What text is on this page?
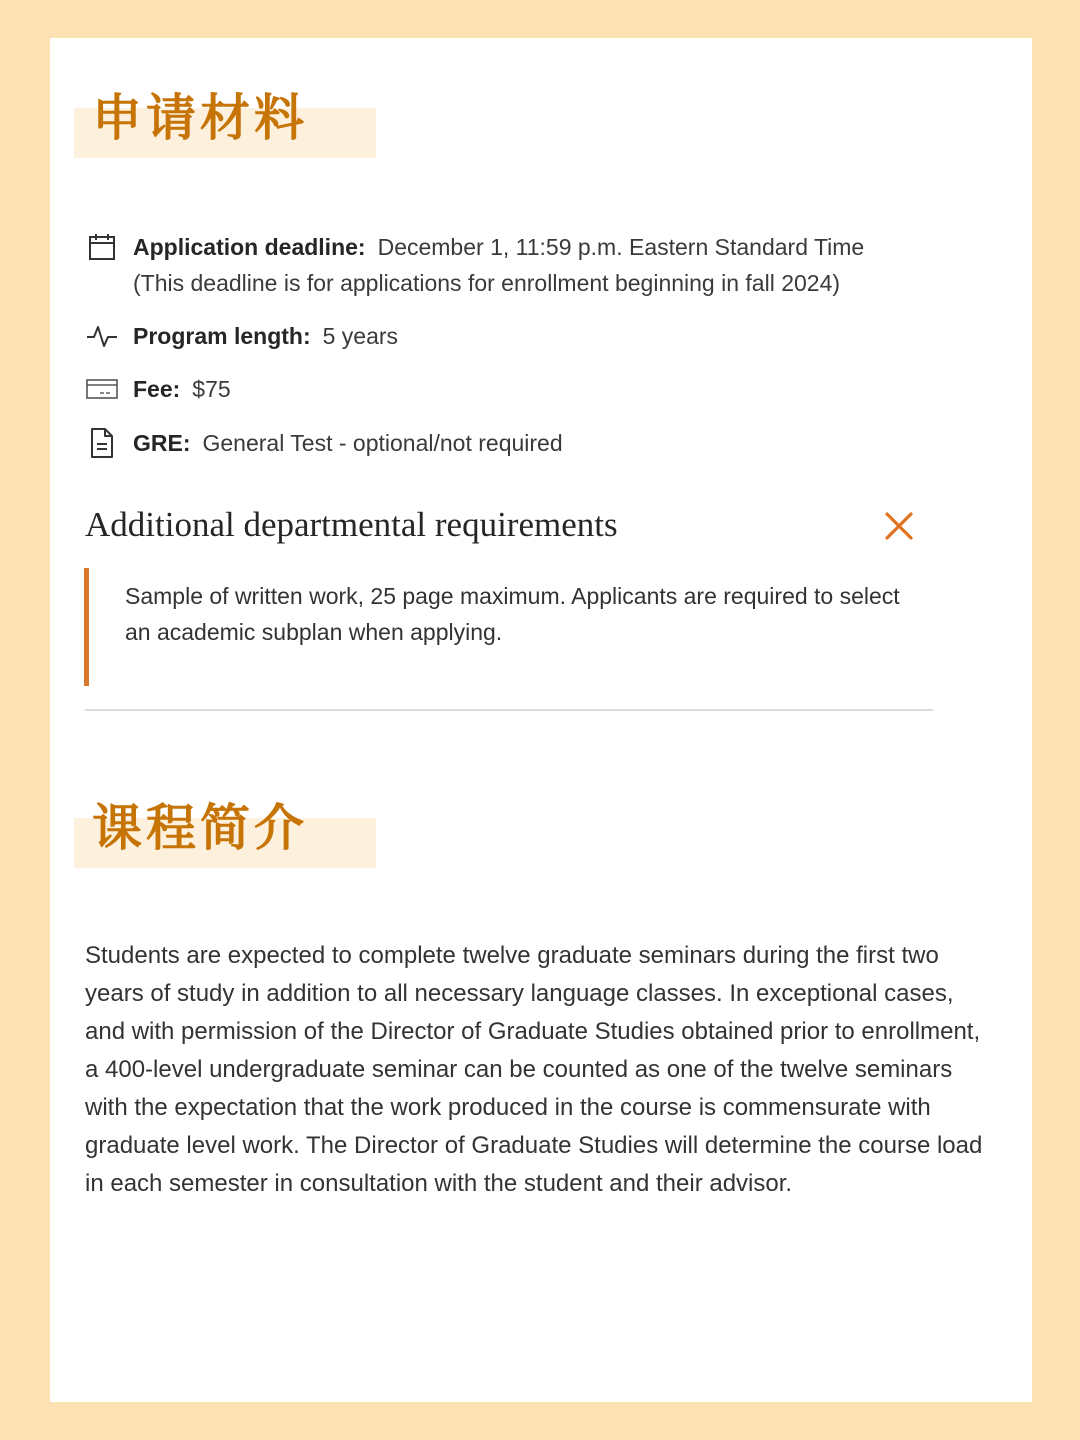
申请材料
Application deadline: December 1, 11:59 p.m. Eastern Standard Time
(This deadline is for applications for enrollment beginning in fall 2024)
Program length: 5 years
Fee: $75
GRE: General Test - optional/not required
Additional departmental requirements
Sample of written work, 25 page maximum. Applicants are required to select an academic subplan when applying.
课程简介
Students are expected to complete twelve graduate seminars during the first two years of study in addition to all necessary language classes. In exceptional cases, and with permission of the Director of Graduate Studies obtained prior to enrollment, a 400-level undergraduate seminar can be counted as one of the twelve seminars with the expectation that the work produced in the course is commensurate with graduate level work. The Director of Graduate Studies will determine the course load in each semester in consultation with the student and their advisor.
